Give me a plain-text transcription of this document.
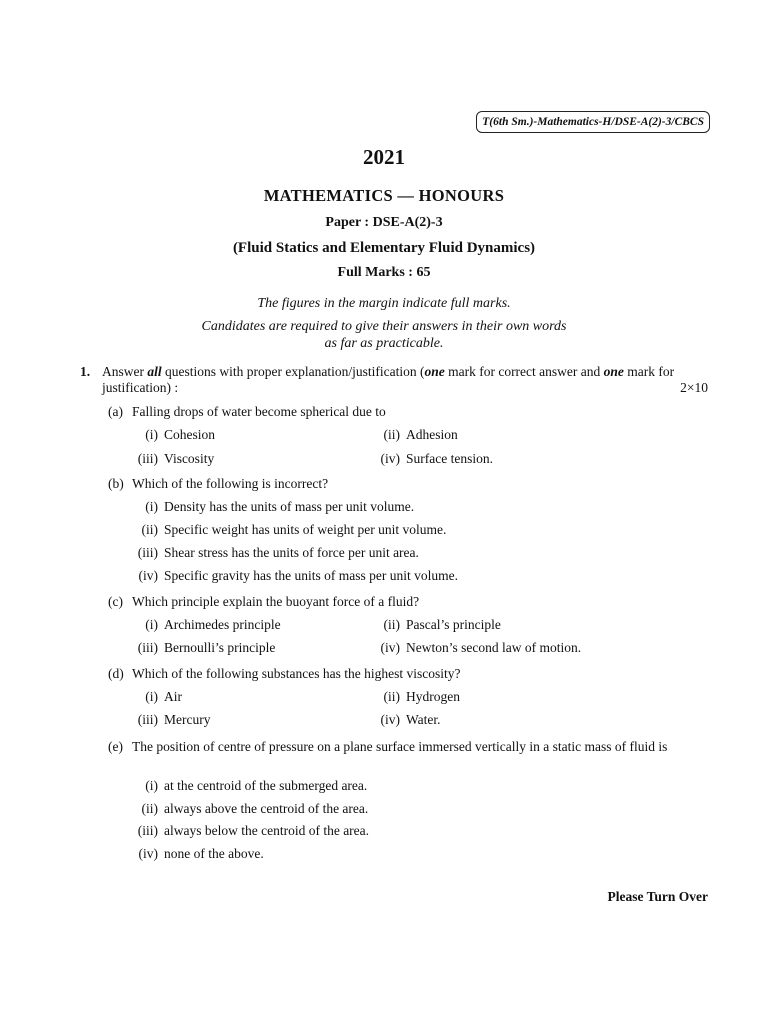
T(6th Sm.)-Mathematics-H/DSE-A(2)-3/CBCS
2021
MATHEMATICS — HONOURS
Paper : DSE-A(2)-3
(Fluid Statics and Elementary Fluid Dynamics)
Full Marks : 65
The figures in the margin indicate full marks.
Candidates are required to give their answers in their own words
as far as practicable.
1. Answer all questions with proper explanation/justification (one mark for correct answer and one mark for justification) :	2×10
(a) Falling drops of water become spherical due to
(i) Cohesion	(ii) Adhesion
(iii) Viscosity	(iv) Surface tension.
(b) Which of the following is incorrect?
(i) Density has the units of mass per unit volume.
(ii) Specific weight has units of weight per unit volume.
(iii) Shear stress has the units of force per unit area.
(iv) Specific gravity has the units of mass per unit volume.
(c) Which principle explain the buoyant force of a fluid?
(i) Archimedes principle	(ii) Pascal’s principle
(iii) Bernoulli’s principle	(iv) Newton’s second law of motion.
(d) Which of the following substances has the highest viscosity?
(i) Air	(ii) Hydrogen
(iii) Mercury	(iv) Water.
(e) The position of centre of pressure on a plane surface immersed vertically in a static mass of fluid is
(i) at the centroid of the submerged area.
(ii) always above the centroid of the area.
(iii) always below the centroid of the area.
(iv) none of the above.
Please Turn Over
